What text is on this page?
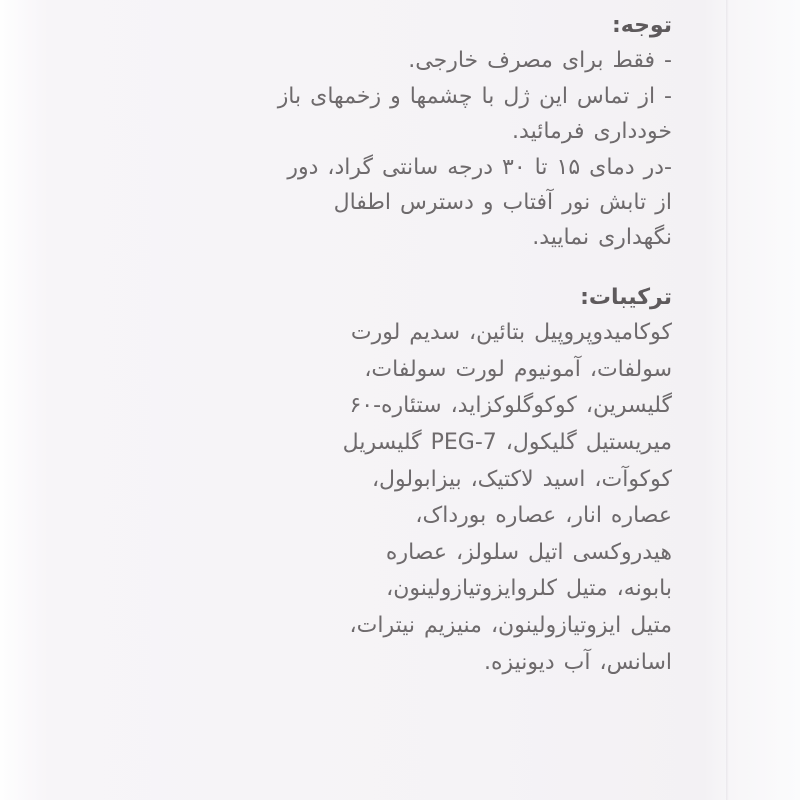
توجه:
- فقط برای مصرف خارجی.
- از تماس این ژل با چشمها و زخمهای باز
خودداری فرمائید.
-در دمای ۱۵ تا ۳۰ درجه سانتی گراد، دور
از تابش نور آفتاب و دسترس اطفال
نگهداری نمایید.
ترکیبات:
کوکامیدوپروپیل بتائین، سدیم لورت
سولفات، آمونیوم لورت سولفات،
گلیسرین، کوکوگلوکزاید، ستئاره-۶۰
میریستیل گلیکول، PEG-7 گلیسریل
کوکوآت، اسید لاکتیک، بیزابولول،
عصاره انار، عصاره بورداک،
هیدروکسی اتیل سلولز، عصاره
بابونه، متیل کلروایزوتیازولینون،
متیل ایزوتیازولینون، منیزیم نیترات،
اسانس، آب دیونیزه.
